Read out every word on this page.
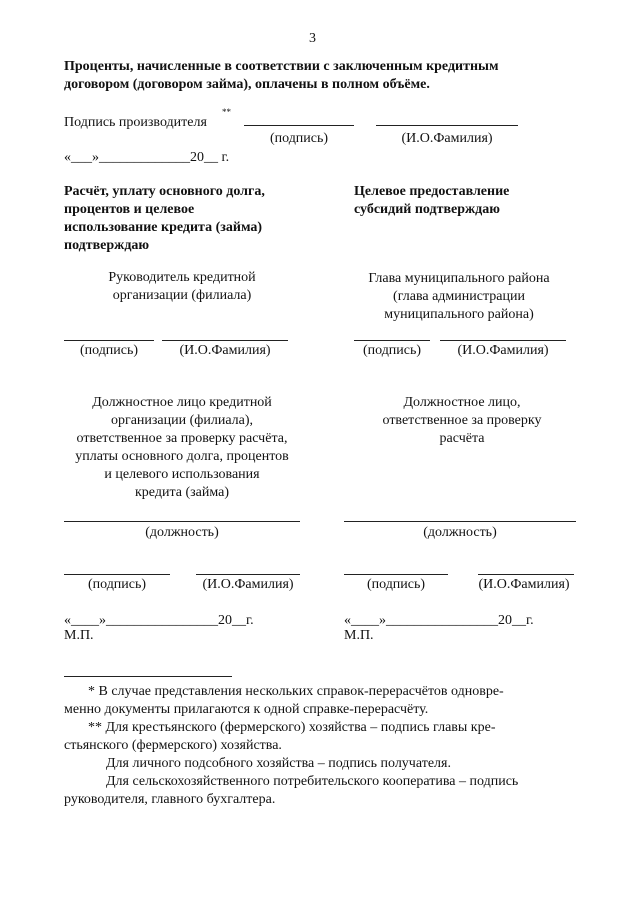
3
Проценты, начисленные в соответствии с заключенным кредитным
договором (договором займа), оплачены в полном объёме.
Подпись производителя
**
(подпись)	(И.О.Фамилия)
«___»_____________20__ г.
Расчёт, уплату основного долга,
процентов и целевое
использование кредита (займа)
подтверждаю
Целевое предоставление
субсидий подтверждаю
Руководитель кредитной
организации (филиала)
(подпись)	(И.О.Фамилия)
Глава муниципального района
(глава администрации
муниципального района)
(подпись)	(И.О.Фамилия)
Должностное лицо кредитной
организации (филиала),
ответственное за проверку расчёта,
уплаты основного долга, процентов
и целевого использования
кредита (займа)
(должность)
(подпись)	(И.О.Фамилия)
«____»________________20__г.
М.П.
Должностное лицо,
ответственное за проверку
расчёта
(должность)
(подпись)	(И.О.Фамилия)
«____»________________20__г.
М.П.
* В случае представления нескольких справок-перерасчётов одновре-
менно документы прилагаются к одной справке-перерасчёту.
** Для крестьянского (фермерского) хозяйства – подпись главы кре-
стьянского (фермерского) хозяйства.
Для личного подсобного хозяйства – подпись получателя.
Для сельскохозяйственного потребительского кооператива – подпись
руководителя, главного бухгалтера.
